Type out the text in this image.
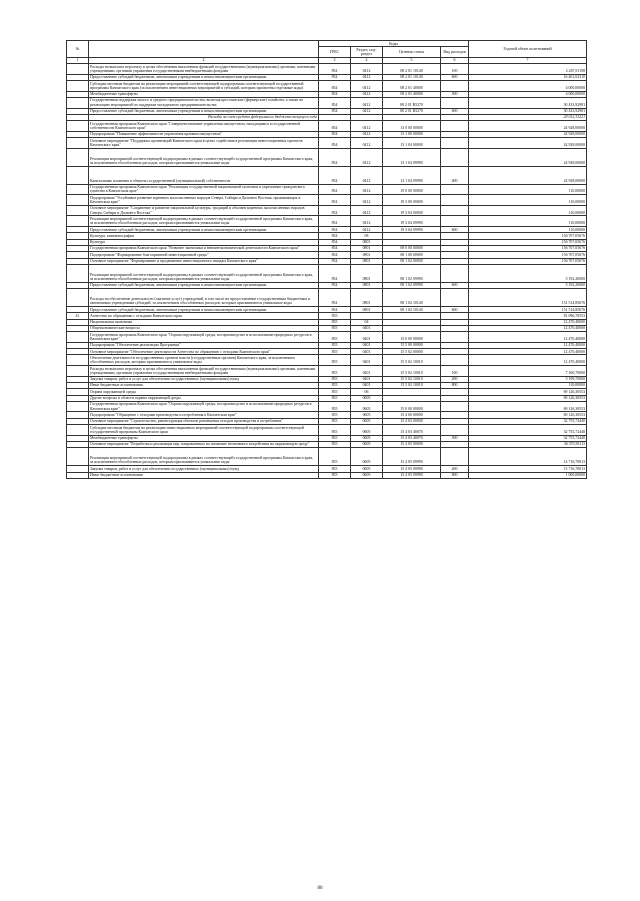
№		Коды				Годовой объем ассигнований
		ГРБС	Раздел, под-раздел	Целевая статья	Вид расходов	
1	2	3	4	5	6	7
	Расходы на выплаты персоналу в целях обеспечения выполнения функций государственными (муниципальными) органами, казенными учреждениями, органами управления государственными внебюджетными фондами	854	0412	08 2 01 10140	100	2 267,91198
	Предоставление субсидий бюджетным, автономным учреждениям и иным некоммерческим организациям	854	0412	08 2 01 10140	600	16 461,02310
	Субсидии местным бюджетам на реализацию мероприятий соответствующей подпрограммы соответствующей государственной программы Камчатского края (за исключением инвестиционных мероприятий и субсидий, которым присвоены отдельные коды)	854	0412	08 2 01 40000		4 000,00000
	Межбюджетные трансферты	854	0412	08 2 01 40000	500	4 000,00000
	Государственная поддержка малого и среднего предпринимательства, включая крестьянские (фермерские) хозяйства, а также на реализацию мероприятий по поддержке молодежного предпринимательства	854	0412	08 2 01 R5270		30 433,92981
	Предоставление субсидий бюджетным, автономным учреждениям и иным некоммерческим организациям	854	0412	08 2 01 R5270	600	30 433,92981
	Расходы за счет средств федерального бюджета текущего года					29 012,33221
	Государственная программа Камчатского края "Совершенствование управления имуществом, находящимся в государственной собственности Камчатского края"	854	0412	13 0 00 00000		24 928,00000
	Подпрограмма "Повышение эффективности управления краевым имуществом"	854	0412	13 1 00 00000		24 928,00000
	Основное мероприятие "Поддержка организаций Камчатского края в целях содействия в реализации инвестиционных проектов Камчатского края"	854	0412	13 1 04 00000		24 928,00000
	Реализация мероприятий соответствующей подпрограммы в рамках соответствующей государственной программы Камчатского края, за исключением обособленных расходов, которым присваиваются уникальные коды	854	0412	13 1 04 09990		24 928,00000
	Капитальные вложения в объекты государственной (муниципальной) собственности	854	0412	13 1 04 09990	400	24 928,00000
	Государственная программа Камчатского края "Реализация государственной национальной политики и укрепление гражданского единства в Камчатском крае"	854	0412	19 0 00 00000		110,00000
	Подпрограмма "Устойчивое развитие коренных малочисленных народов Севера, Сибири и Дальнего Востока, проживающих в Камчатском крае"	854	0412	19 3 00 00000		110,00000
	Основное мероприятие "Сохранение и развитие национальной культуры, традиций и обычаев коренных малочисленных народов Севера, Сибири и Дальнего Востока"	854	0412	19 3 04 00000		110,00000
	Реализация мероприятий соответствующей подпрограммы в рамках соответствующей государственной программы Камчатского края, за исключением обособленных расходов, которым присваиваются уникальные коды	854	0412	19 3 04 09990		110,00000
	Предоставление субсидий бюджетным, автономным учреждениям и иным некоммерческим организациям	854	0412	19 3 04 09990	600	110,00000
	Культура, кинематография	854	08			156 707,05676
	Культура	854	0801			156 707,05676
	Государственная программа Камчатского края "Развитие экономики и внешнеэкономической деятельности Камчатского края"	854	0801	08 0 00 00000		156 707,05676
	Подпрограмма "Формирование благоприятной инвестиционной среды"	854	0801	08 1 00 00000		156 707,05676
	Основное мероприятие "Формирование и продвижение инвестиционного имиджа Камчатского края"	854	0801	08 1 02 00000		156 707,05676
	Реализация мероприятий соответствующей подпрограммы в рамках соответствующей государственной программы Камчатского края, за исключением обособленных расходов, которым присваиваются уникальные коды	854	0801	08 1 02 09990		5 192,20000
	Предоставление субсидий бюджетным, автономным учреждениям и иным некоммерческим организациям	854	0801	08 1 02 09990	600	5 192,20000
	Расходы на обеспечение деятельности (оказание услуг) учреждений, в том числе на предоставление государственным бюджетным и автономным учреждениям субсидий, за исключением обособленных расходов, которым присваиваются уникальные коды	854	0801	08 1 02 10140		151 514,85676
	Предоставление субсидий бюджетным, автономным учреждениям и иным некоммерческим организациям	854	0801	08 1 02 10140	600	151 514,85676
41	Агентство по обращению с отходами Камчатского края	855				81 096,70553
	Национальная экономика	855	04			12 470,40000
	Общеэкономические вопросы	855	0401			12 470,40000
	Государственная программа Камчатского края "Охрана окружающей среды, воспроизводство и использование природных ресурсов в Камчатском крае"	855	0401	15 0 00 00000		12 470,40000
	Подпрограмма "Обеспечение реализации Программы"	855	0401	15 5 00 00000		12 470,40000
	Основное мероприятие "Обеспечение деятельности Агентства по обращению с отходами Камчатского края"	855	0401	15 5 02 00000		12 470,40000
	Обеспечение деятельности государственных органов власти (государственных органов) Камчатского края, за исключением обособленных расходов, которым присваиваются уникальные коды	855	0401	15 5 02 10010		12 470,40000
	Расходы на выплаты персоналу в целях обеспечения выполнения функций государственными (муниципальными) органами, казенными учреждениями, органами управления государственными внебюджетными фондами	855	0401	15 5 02 10010	100	7 160,70000
	Закупка товаров, работ и услуг для обеспечения государственных (муниципальных) нужд	855	0401	15 5 02 10010	200	5 199,70000
	Иные бюджетные ассигнования	855	0401	15 5 02 10010	800	110,00000
	Охрана окружающей среды	855	06			69 126,30553
	Другие вопросы в области охраны окружающей среды	855	0605			69 126,30553
	Государственная программа Камчатского края "Охрана окружающей среды, воспроизводство и использование природных ресурсов в Камчатском крае"	855	0605	15 0 00 00000		69 126,30553
	Подпрограмма "Обращение с отходами производства и потребления в Камчатском крае"	855	0605	15 4 00 00000		69 126,30553
	Основное мероприятие "Строительство, реконструкция объектов размещения отходов производства и потребления"	855	0605	15 4 03 00000		32 755,72440
	Субсидии местным бюджетам на реализацию инвестиционных мероприятий соответствующей подпрограммы соответствующей государственной программы Камчатского края	855	0605	15 4 03 40070		32 755,72440
	Межбюджетные трансферты	855	0605	15 4 03 40070	500	32 755,72440
	Основное мероприятие "Разработка и реализация мер, направленных на снижение негативного воздействия на окружающую среду"	855	0605	15 4 05 00000		36 370,58113
	Реализация мероприятий соответствующей подпрограммы в рамках соответствующей государственной программы Камчатского края, за исключением обособленных расходов, которым присваиваются уникальные коды	855	0605	15 4 05 09990		14 716,70813
	Закупка товаров, работ и услуг для обеспечения государственных (муниципальных) нужд	855	0605	15 4 05 09990	200	13 716,70813
	Иные бюджетные ассигнования	855	0605	15 4 05 09990	800	1 000,00000
80
